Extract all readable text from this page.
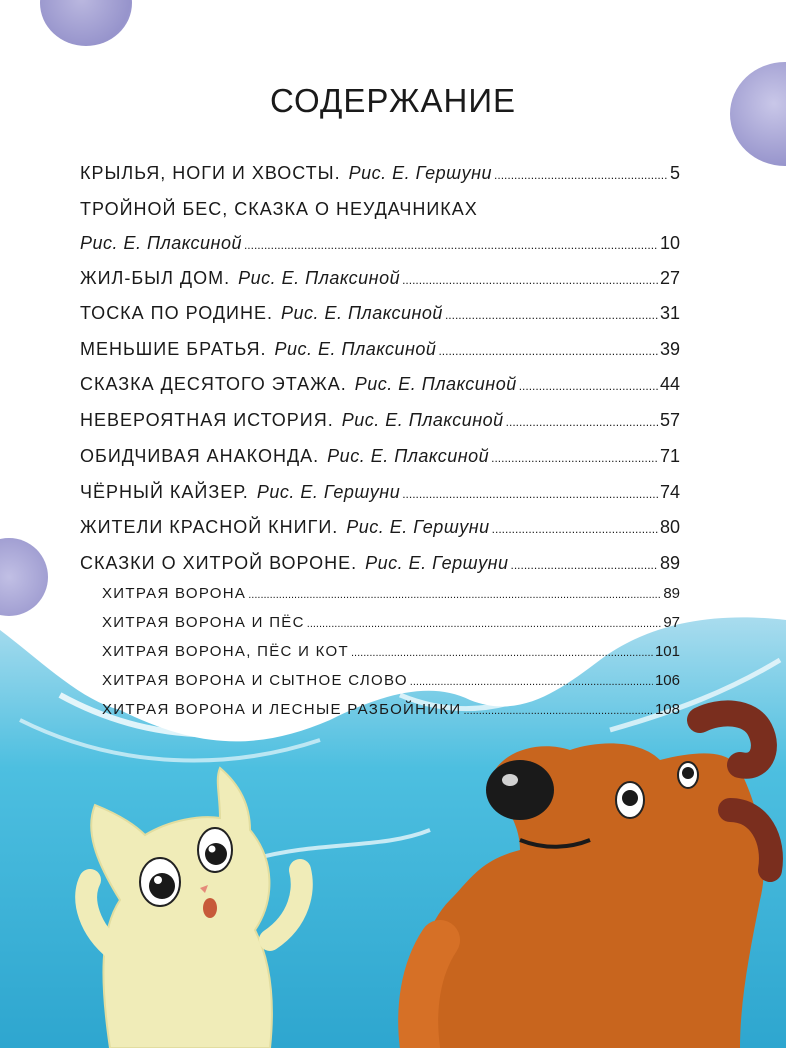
СОДЕРЖАНИЕ
КРЫЛЬЯ, НОГИ И ХВОСТЫ. Рис. Е. Гершуни .....	5
ТРОЙНОЙ БЕС, СКАЗКА О НЕУДАЧНИКАХ
Рис. Е. Плаксиной .....	10
ЖИЛ-БЫЛ ДОМ. Рис. Е. Плаксиной .....	27
ТОСКА ПО РОДИНЕ. Рис. Е. Плаксиной .....	31
МЕНЬШИЕ БРАТЬЯ. Рис. Е. Плаксиной .....	39
СКАЗКА ДЕСЯТОГО ЭТАЖА. Рис. Е. Плаксиной .....	44
НЕВЕРОЯТНАЯ ИСТОРИЯ. Рис. Е. Плаксиной .....	57
ОБИДЧИВАЯ АНАКОНДА. Рис. Е. Плаксиной .....	71
ЧЁРНЫЙ КАЙЗЕР. Рис. Е. Гершуни .....	74
ЖИТЕЛИ КРАСНОЙ КНИГИ. Рис. Е. Гершуни .....	80
СКАЗКИ О ХИТРОЙ ВОРОНЕ. Рис. Е. Гершуни .....	89
ХИТРАЯ ВОРОНА .....	89
ХИТРАЯ ВОРОНА И ПЁС .....	97
ХИТРАЯ ВОРОНА, ПЁС И КОТ .....	101
ХИТРАЯ ВОРОНА И СЫТНОЕ СЛОВО .....	106
ХИТРАЯ ВОРОНА И ЛЕСНЫЕ РАЗБОЙНИКИ .....	108
